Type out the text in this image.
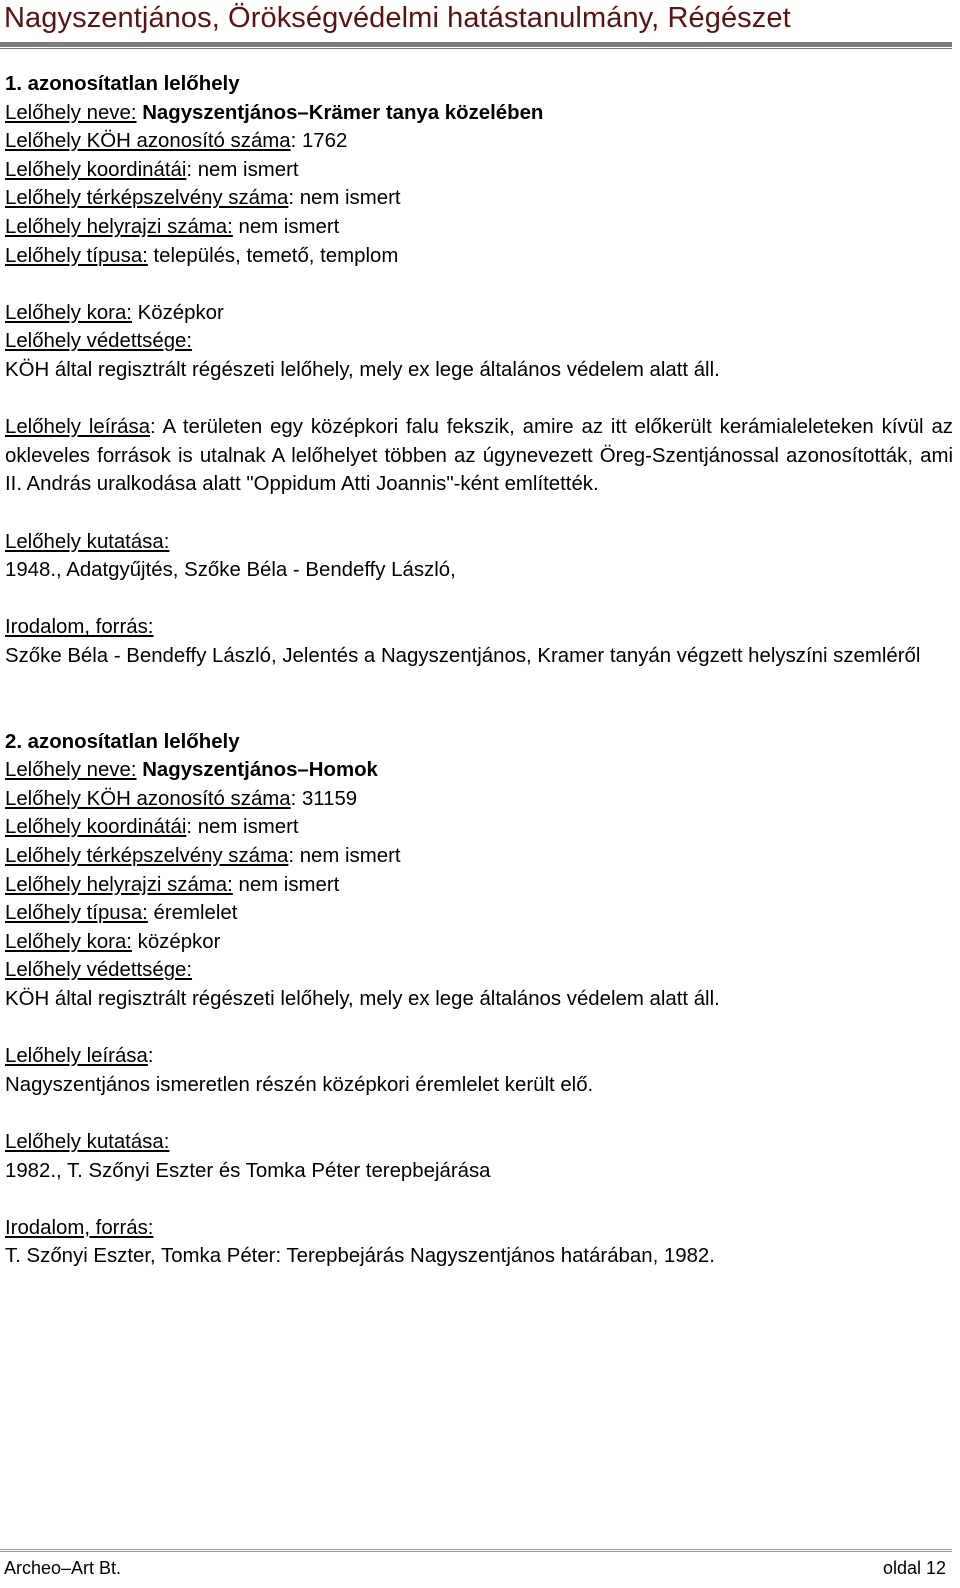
Nagyszentjános, Örökségvédelmi hatástanulmány, Régészet
1. azonosítatlan lelőhely
Lelőhely neve: Nagyszentjános–Krämer tanya közelében
Lelőhely KÖH azonosító száma: 1762
Lelőhely koordinátái: nem ismert
Lelőhely térképszelvény száma: nem ismert
Lelőhely helyrajzi száma: nem ismert
Lelőhely típusa: település, temető, templom
Lelőhely kora: Középkor
Lelőhely védettsége:
KÖH által regisztrált régészeti lelőhely, mely ex lege általános védelem alatt áll.
Lelőhely leírása: A területen egy középkori falu fekszik, amire az itt előkerült kerámialeleteken kívül az okleveles források is utalnak A lelőhelyet többen az úgynevezett Öreg-Szentjánossal azonosították, ami II. András uralkodása alatt "Oppidum Atti Joannis"-ként említették.
Lelőhely kutatása:
1948., Adatgyűjtés, Szőke Béla - Bendeffy László,
Irodalom, forrás:
Szőke Béla - Bendeffy László, Jelentés a Nagyszentjános, Kramer tanyán végzett helyszíni szemléről
2. azonosítatlan lelőhely
Lelőhely neve: Nagyszentjános–Homok
Lelőhely KÖH azonosító száma: 31159
Lelőhely koordinátái: nem ismert
Lelőhely térképszelvény száma: nem ismert
Lelőhely helyrajzi száma: nem ismert
Lelőhely típusa: éremlelet
Lelőhely kora: középkor
Lelőhely védettsége:
KÖH által regisztrált régészeti lelőhely, mely ex lege általános védelem alatt áll.
Lelőhely leírása:
Nagyszentjános ismeretlen részén középkori éremlelet került elő.
Lelőhely kutatása:
1982., T. Szőnyi Eszter és Tomka Péter terepbejárása
Irodalom, forrás:
T. Szőnyi Eszter, Tomka Péter: Terepbejárás Nagyszentjános határában, 1982.
Archeo–Art Bt.	oldal 12
